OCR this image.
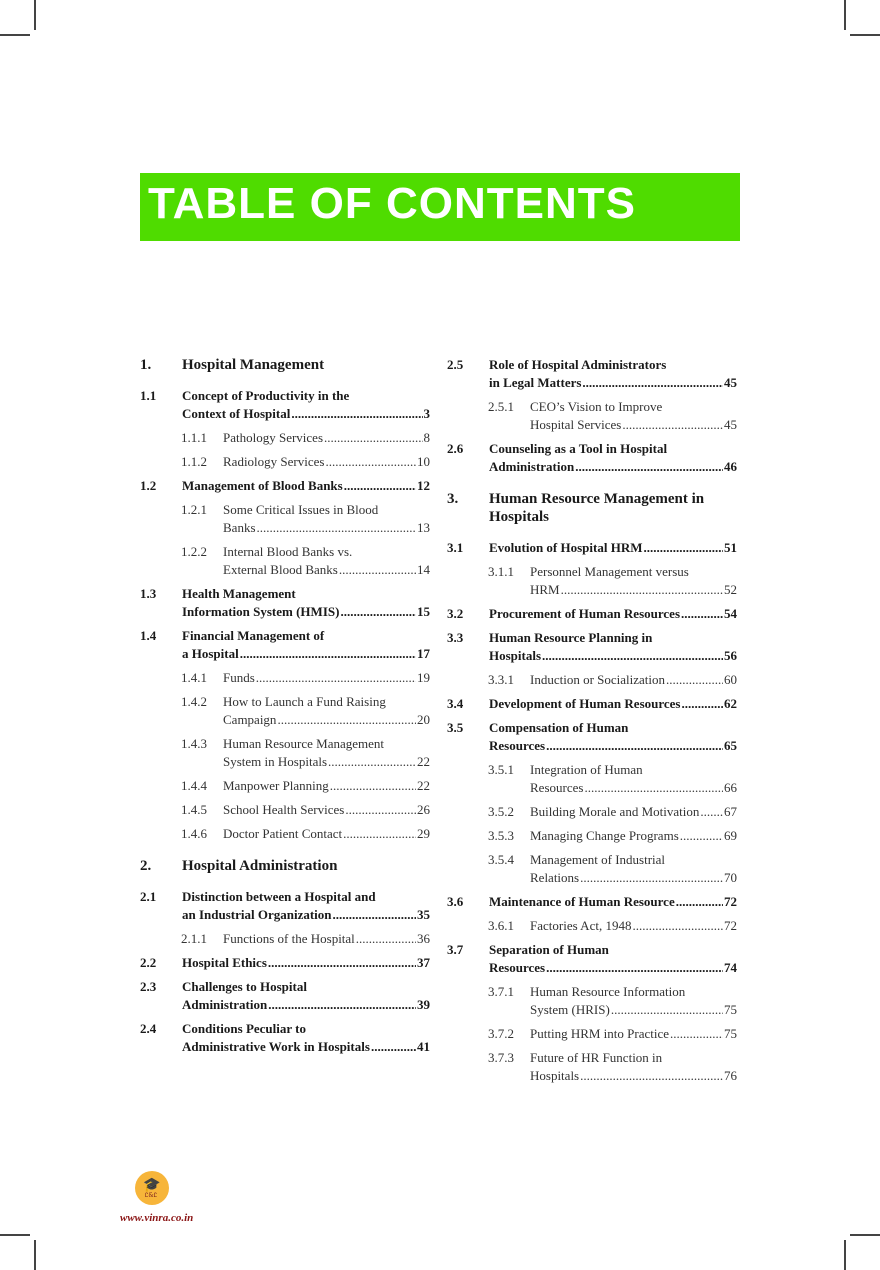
TABLE OF CONTENTS
1. Hospital Management
1.1 Concept of Productivity in the
Context of Hospital .....	3
1.1.1 Pathology Services .....	8
1.1.2 Radiology Services .....	10
1.2 Management of Blood Banks .....	12
1.2.1 Some Critical Issues in Blood
Banks .....	13
1.2.2 Internal Blood Banks vs.
External Blood Banks .....	14
1.3 Health Management
Information System (HMIS) .....	15
1.4 Financial Management of
a Hospital .....	17
1.4.1 Funds .....	19
1.4.2 How to Launch a Fund Raising
Campaign .....	20
1.4.3 Human Resource Management
System in Hospitals .....	22
1.4.4 Manpower Planning .....	22
1.4.5 School Health Services .....	26
1.4.6 Doctor Patient Contact .....	29
2. Hospital Administration
2.1 Distinction between a Hospital and
an Industrial Organization .....	35
2.1.1 Functions of the Hospital .....	36
2.2 Hospital Ethics .....	37
2.3 Challenges to Hospital
Administration .....	39
2.4 Conditions Peculiar to
Administrative Work in Hospitals .....	41
2.5 Role of Hospital Administrators
in Legal Matters .....	45
2.5.1 CEO’s Vision to Improve
Hospital Services .....	45
2.6 Counseling as a Tool in Hospital
Administration .....	46
3. Human Resource Management in
Hospitals
3.1 Evolution of Hospital HRM .....	51
3.1.1 Personnel Management versus
HRM .....	52
3.2 Procurement of Human Resources .....	54
3.3 Human Resource Planning in
Hospitals .....	56
3.3.1 Induction or Socialization .....	60
3.4 Development of Human Resources .....	62
3.5 Compensation of Human
Resources .....	65
3.5.1 Integration of Human
Resources .....	66
3.5.2 Building Morale and Motivation ..... 67
3.5.3 Managing Change Programs .....	69
3.5.4 Management of Industrial
Relations .....	70
3.6 Maintenance of Human Resource .....	72
3.6.1 Factories Act, 1948 .....	72
3.7 Separation of Human
Resources .....	74
3.7.1 Human Resource Information
System (HRIS) .....	75
3.7.2 Putting HRM into Practice .....	75
3.7.3 Future of HR Function in
Hospitals .....	76
🎓
Ꮭ&Ꮭ
www.vinra.co.in
